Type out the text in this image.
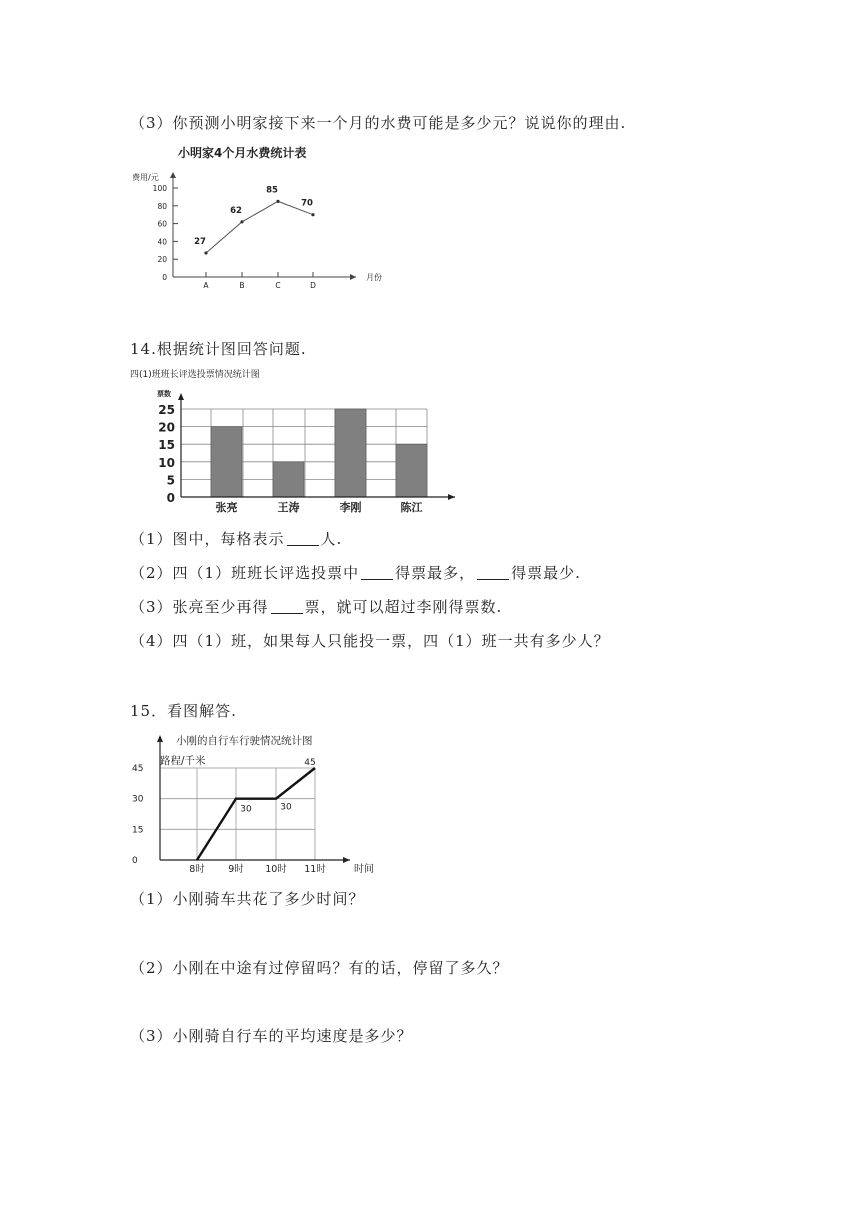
（3）你预测小明家接下来一个月的水费可能是多少元？说说你的理由.
小明家4个月水费统计表
费用/元
月份
100
80
60
40
20
0
A	B	C	D
27
62
85
70
14.根据统计图回答问题.
四(1)班班长评选投票情况统计图
票数
25
20
15
10
5
0
张亮	王涛	李刚	陈江
（1）图中，每格表示 人.
（2）四（1）班班长评选投票中 得票最多， 得票最少.
（3）张亮至少再得 票，就可以超过李刚得票数.
（4）四（1）班，如果每人只能投一票，四（1）班一共有多少人？
15．看图解答.
小刚的自行车行驶情况统计图
路程/千米
时间
45
30
15
0
8时 9时 10时 11时
30	30
45
（1）小刚骑车共花了多少时间？
（2）小刚在中途有过停留吗？有的话，停留了多久？
（3）小刚骑自行车的平均速度是多少？
